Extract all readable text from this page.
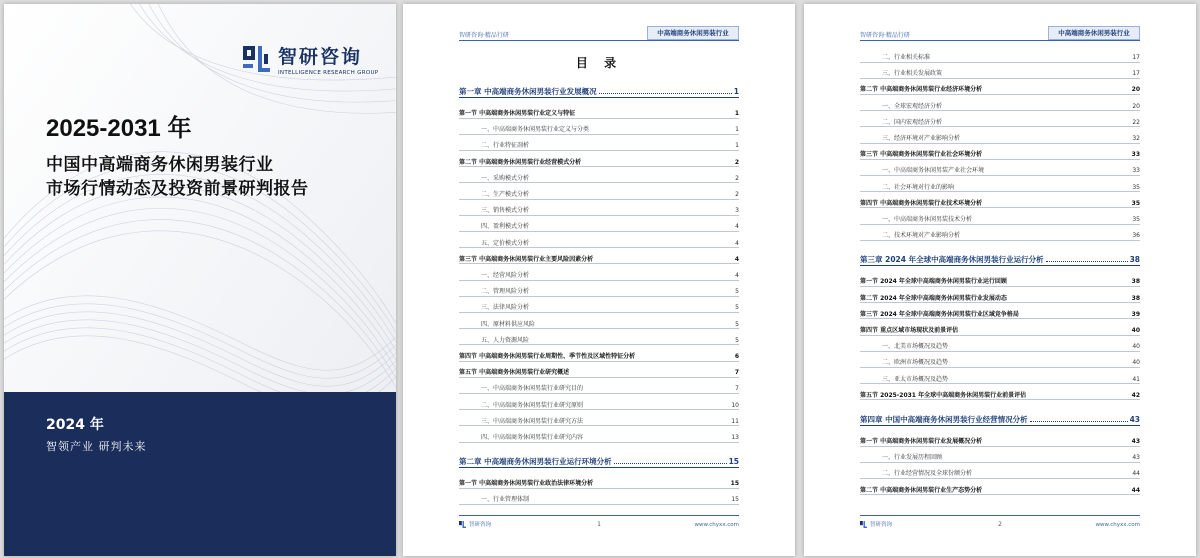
智研咨询
INTELLIGENCE RESEARCH GROUP
2025-2031 年
中国中高端商务休闲男装行业
市场行情动态及投资前景研判报告
2024 年
智领产业 研判未来
智研咨询·精品行研	中高端商务休闲男装行业
目 录
第一章 中高端商务休闲男装行业发展概况	1
第一节 中高端商务休闲男装行业定义与特征	1
一、中高端商务休闲男装行业定义与分类	1
二、行业特征剖析	1
第二节 中高端商务休闲男装行业经营模式分析	2
一、采购模式分析	2
二、生产模式分析	2
三、销售模式分析	3
四、盈利模式分析	4
五、定价模式分析	4
第三节 中高端商务休闲男装行业主要风险因素分析	4
一、经营风险分析	4
二、管理风险分析	5
三、法律风险分析	5
四、原材料供应风险	5
五、人力资源风险	5
第四节 中高端商务休闲男装行业周期性、季节性及区域性特征分析	6
第五节 中高端商务休闲男装行业研究概述	7
一、中高端商务休闲男装行业研究目的	7
二、中高端商务休闲男装行业研究原则	10
三、中高端商务休闲男装行业研究方法	11
四、中高端商务休闲男装行业研究内容	13
第二章 中高端商务休闲男装行业运行环境分析	15
第一节 中高端商务休闲男装行业政治法律环境分析	15
一、行业管理体制	15
智研咨询	1	www.chyxx.com
智研咨询·精品行研	中高端商务休闲男装行业
二、行业相关标准	17
三、行业相关发展政策	17
第二节 中高端商务休闲男装行业经济环境分析	20
一、全球宏观经济分析	20
二、国内宏观经济分析	22
三、经济环境对产业影响分析	32
第三节 中高端商务休闲男装行业社会环境分析	33
一、中高端商务休闲男装产业社会环境	33
二、社会环境对行业的影响	35
第四节 中高端商务休闲男装行业技术环境分析	35
一、中高端商务休闲男装技术分析	35
二、技术环境对产业影响分析	36
第三章 2024 年全球中高端商务休闲男装行业运行分析	38
第一节 2024 年全球中高端商务休闲男装行业运行回顾	38
第二节 2024 年全球中高端商务休闲男装行业发展动态	38
第三节 2024 年全球中高端商务休闲男装行业区域竞争格局	39
第四节 重点区域市场现状及前景评估	40
一、北美市场概况及趋势	40
二、欧洲市场概况及趋势	40
三、亚太市场概况及趋势	41
第五节 2025-2031 年全球中高端商务休闲男装行业前景评估	42
第四章 中国中高端商务休闲男装行业经营情况分析	43
第一节 中高端商务休闲男装行业发展概况分析	43
一、行业发展历程回顾	43
二、行业经营情况及全球份额分析	44
第二节 中高端商务休闲男装行业生产态势分析	44
智研咨询	2	www.chyxx.com
